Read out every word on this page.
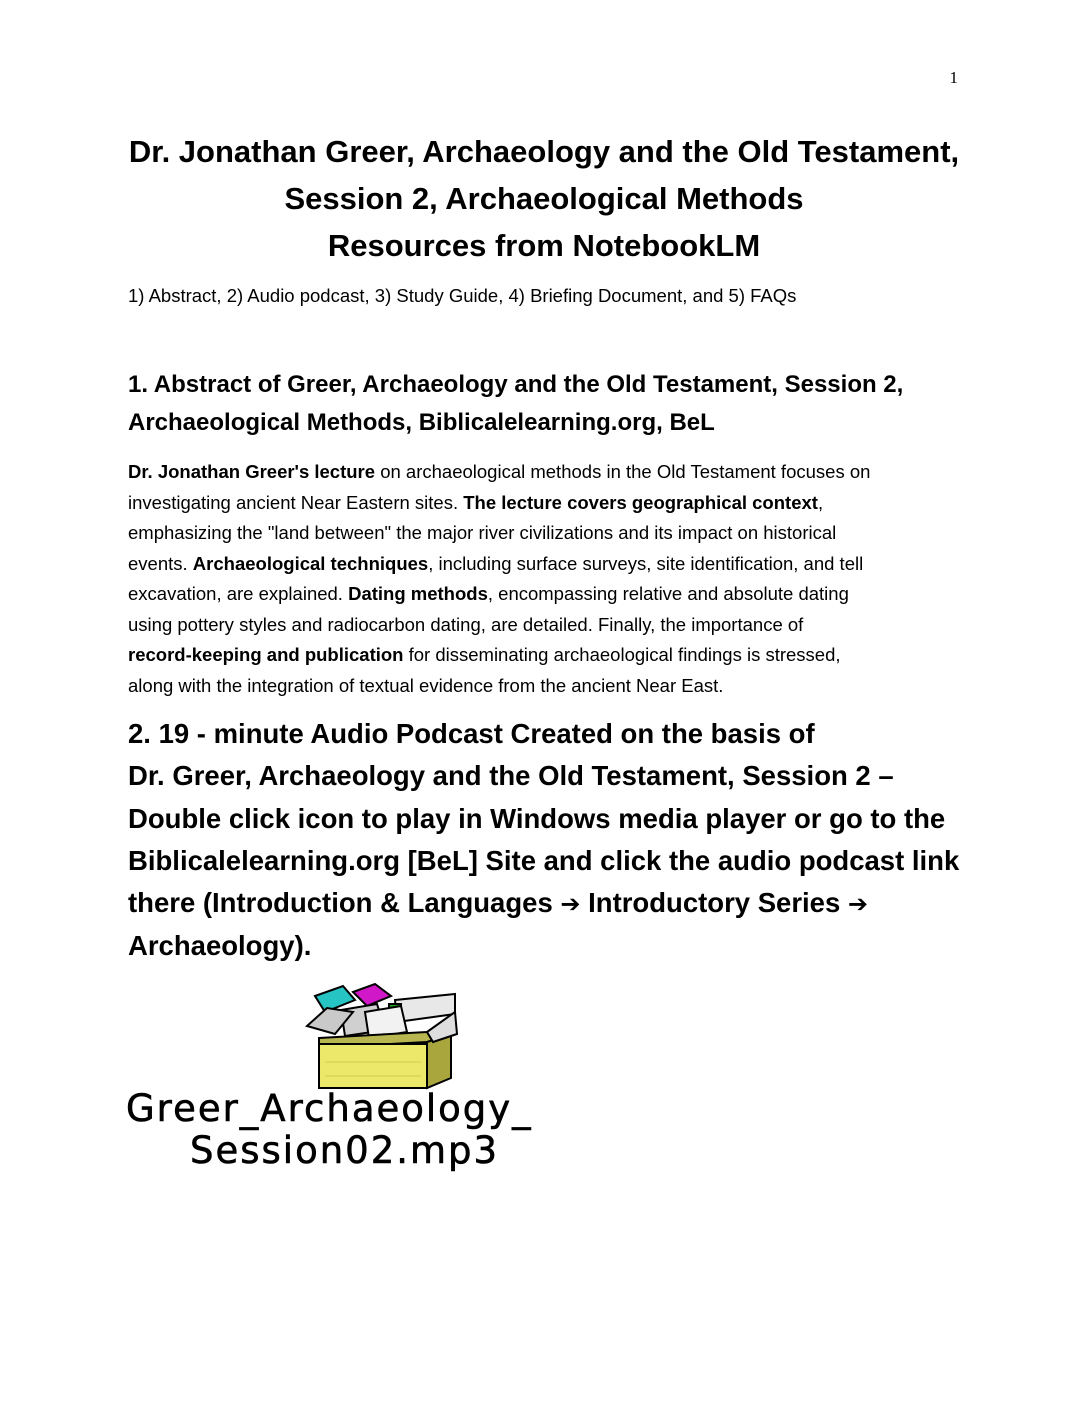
1
Dr. Jonathan Greer, Archaeology and the Old Testament,
Session 2, Archaeological Methods
Resources from NotebookLM
1) Abstract, 2) Audio podcast, 3) Study Guide, 4) Briefing Document, and 5) FAQs
1. Abstract of Greer, Archaeology and the Old Testament, Session 2, Archaeological Methods, Biblicalelearning.org, BeL
Dr. Jonathan Greer's lecture on archaeological methods in the Old Testament focuses on
investigating ancient Near Eastern sites. The lecture covers geographical context,
emphasizing the "land between" the major river civilizations and its impact on historical
events. Archaeological techniques, including surface surveys, site identification, and tell
excavation, are explained. Dating methods, encompassing relative and absolute dating
using pottery styles and radiocarbon dating, are detailed. Finally, the importance of
record-keeping and publication for disseminating archaeological findings is stressed,
along with the integration of textual evidence from the ancient Near East.
2. 19 - minute Audio Podcast Created on the basis of
Dr. Greer, Archaeology and the Old Testament, Session 2 –
Double click icon to play in Windows media player or go to the
Biblicalelearning.org [BeL] Site and click the audio podcast link
there (Introduction & Languages ➔ Introductory Series ➔
Archaeology).
Greer_Archaeology_
Session02.mp3
